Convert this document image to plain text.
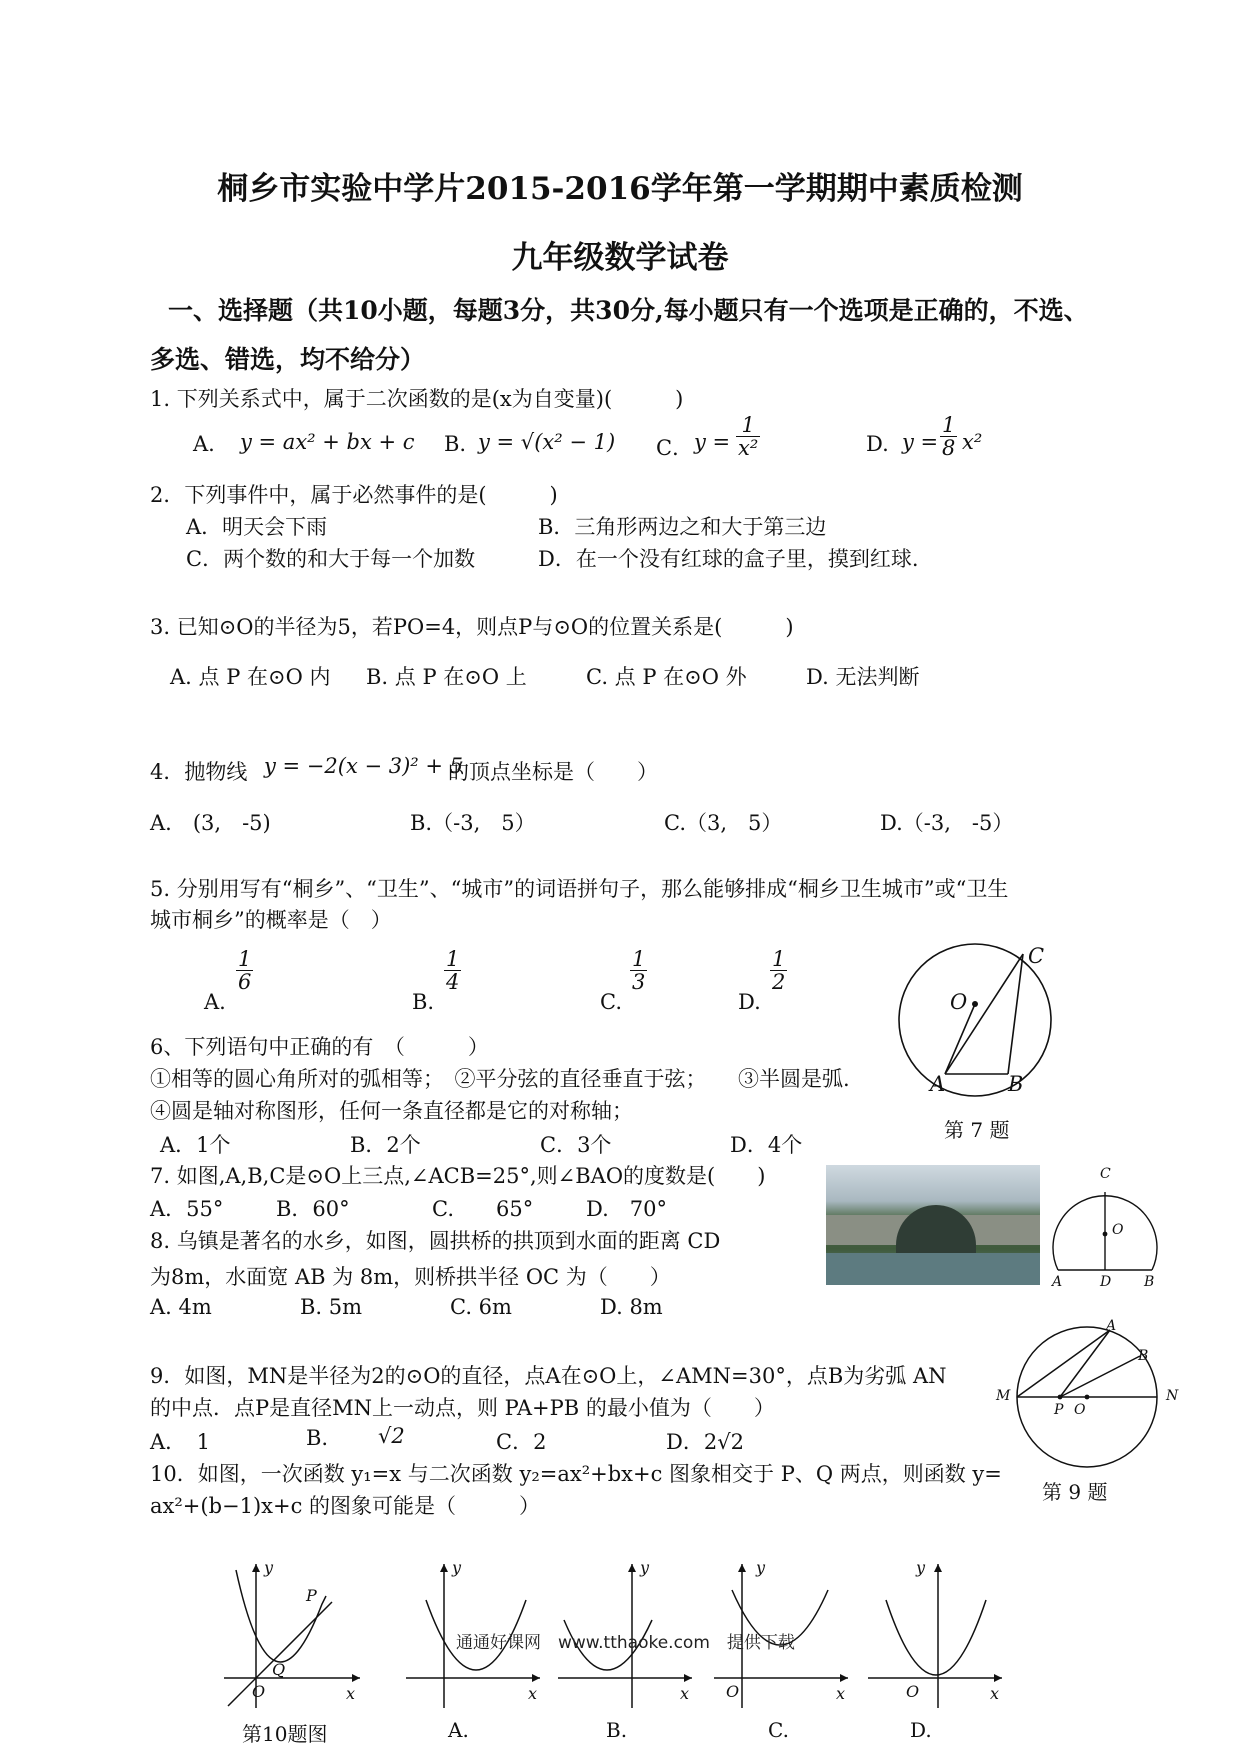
桐乡市实验中学片2015-2016学年第一学期期中素质检测
九年级数学试卷
一、选择题（共10小题，每题3分，共30分,每小题只有一个选项是正确的，不选、
多选、错选，均不给分）
1. 下列关系式中，属于二次函数的是(x为自变量)(　　　)
A. y = ax² + bx + c B. y = √(x² − 1) C． $y = \frac{1}{\text{x²}}$	D. $y = \frac{1}{8} x^2$
2．下列事件中，属于必然事件的是(　　　)
A．明天会下雨	B．三角形两边之和大于第三边
C．两个数的和大于每一个加数	D．在一个没有红球的盒子里，摸到红球.
3. 已知⊙O的半径为5，若PO=4，则点P与⊙O的位置关系是(　　　)
A. 点 P 在⊙O 内 B. 点 P 在⊙O 上	C. 点 P 在⊙O 外	D. 无法判断
4．抛物线 y = −2(x − 3)² + 5
的顶点坐标是（　　）
A.　(3,　-5)	B.（-3,　5）	C.（3,　5）	D.（-3,　-5）
5. 分别用写有“桐乡”、“卫生”、“城市”的词语拼句子，那么能够排成“桐乡卫生城市”或“卫生
城市桐乡”的概率是（　）
A.
$\frac{1}{6}$
B.
$\frac{1}{4}$
C.
$\frac{1}{3}$
D.
$\frac{1}{2}$
O
C
A	B
第 7 题
6、下列语句中正确的有　（　　　）
①相等的圆心角所对的弧相等；　②平分弦的直径垂直于弦；　　③半圆是弧.
④圆是轴对称图形，任何一条直径都是它的对称轴；
A．1个	B．2个	C．3个	D．4个
7. 如图,A,B,C是⊙O上三点,∠ACB=25°,则∠BAO的度数是(　　)
A．55°	B．60°	C.　　65°	D.　70°
C
O
A	D B
8. 乌镇是著名的水乡，如图，圆拱桥的拱顶到水面的距离 CD
为8m，水面宽 AB 为 8m，则桥拱半径 OC 为（　　）
A. 4m	B. 5m	C. 6m	D. 8m
A
B
M	N
P O
第 9 题
9．如图，MN是半径为2的⊙O的直径，点A在⊙O上，∠AMN=30°，点B为劣弧 AN
的中点．点P是直径MN上一动点，则 PA+PB 的最小值为（　　）
A．　1	B. √2	C．2	D．2√2
10．如图，一次函数 y₁=x 与二次函数 y₂=ax²+bx+c 图象相交于 P、Q 两点，则函数 y=
ax²+(b−1)x+c 的图象可能是（　　　）
y
x
O
P
Q
第10题图
y
x
A.
y
x
B.
y
x
O
C.
y
x
O
D.
通通好课网　www.tthaoke.com　提供下载
